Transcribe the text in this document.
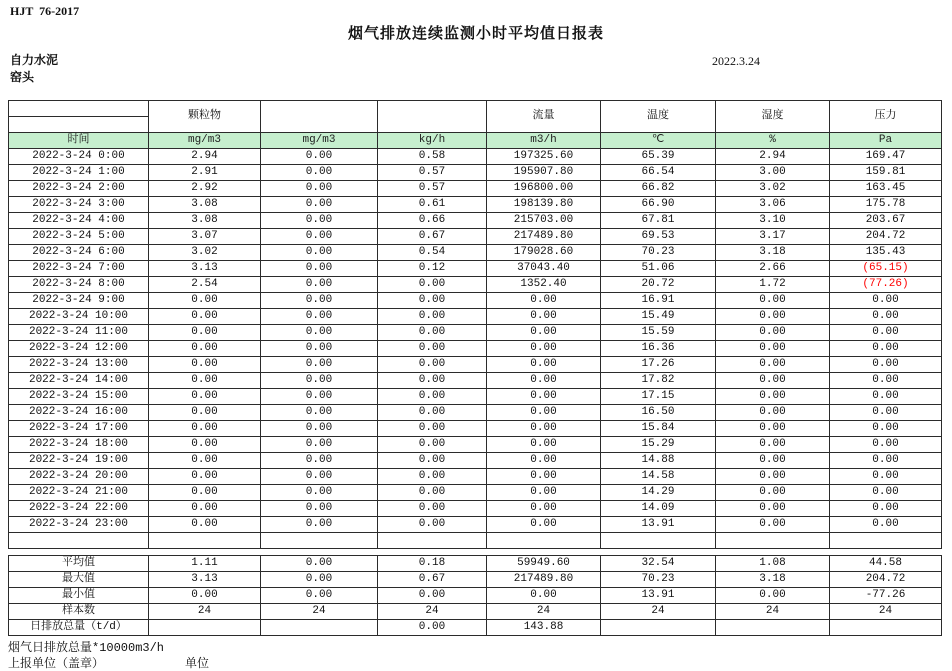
HJT  76-2017
烟气排放连续监测小时平均值日报表
自力水泥
窑头
2022.3.24
	颗粒物			流量	温度	湿度	压力

时间	mg/m3	mg/m3	kg/h	m3/h	℃	%	Pa
2022-3-24 0:00	2.94	0.00	0.58	197325.60	65.39	2.94	169.47
2022-3-24 1:00	2.91	0.00	0.57	195907.80	66.54	3.00	159.81
2022-3-24 2:00	2.92	0.00	0.57	196800.00	66.82	3.02	163.45
2022-3-24 3:00	3.08	0.00	0.61	198139.80	66.90	3.06	175.78
2022-3-24 4:00	3.08	0.00	0.66	215703.00	67.81	3.10	203.67
2022-3-24 5:00	3.07	0.00	0.67	217489.80	69.53	3.17	204.72
2022-3-24 6:00	3.02	0.00	0.54	179028.60	70.23	3.18	135.43
2022-3-24 7:00	3.13	0.00	0.12	37043.40	51.06	2.66	(65.15)
2022-3-24 8:00	2.54	0.00	0.00	1352.40	20.72	1.72	(77.26)
2022-3-24 9:00	0.00	0.00	0.00	0.00	16.91	0.00	0.00
2022-3-24 10:00	0.00	0.00	0.00	0.00	15.49	0.00	0.00
2022-3-24 11:00	0.00	0.00	0.00	0.00	15.59	0.00	0.00
2022-3-24 12:00	0.00	0.00	0.00	0.00	16.36	0.00	0.00
2022-3-24 13:00	0.00	0.00	0.00	0.00	17.26	0.00	0.00
2022-3-24 14:00	0.00	0.00	0.00	0.00	17.82	0.00	0.00
2022-3-24 15:00	0.00	0.00	0.00	0.00	17.15	0.00	0.00
2022-3-24 16:00	0.00	0.00	0.00	0.00	16.50	0.00	0.00
2022-3-24 17:00	0.00	0.00	0.00	0.00	15.84	0.00	0.00
2022-3-24 18:00	0.00	0.00	0.00	0.00	15.29	0.00	0.00
2022-3-24 19:00	0.00	0.00	0.00	0.00	14.88	0.00	0.00
2022-3-24 20:00	0.00	0.00	0.00	0.00	14.58	0.00	0.00
2022-3-24 21:00	0.00	0.00	0.00	0.00	14.29	0.00	0.00
2022-3-24 22:00	0.00	0.00	0.00	0.00	14.09	0.00	0.00
2022-3-24 23:00	0.00	0.00	0.00	0.00	13.91	0.00	0.00

平均值	1.11	0.00	0.18	59949.60	32.54	1.08	44.58
最大值	3.13	0.00	0.67	217489.80	70.23	3.18	204.72
最小值	0.00	0.00	0.00	0.00	13.91	0.00	-77.26
样本数	24	24	24	24	24	24	24
日排放总量（t/d）			0.00	143.88			
烟气日排放总量*10000m3/h
上报单位（盖章）	单位
